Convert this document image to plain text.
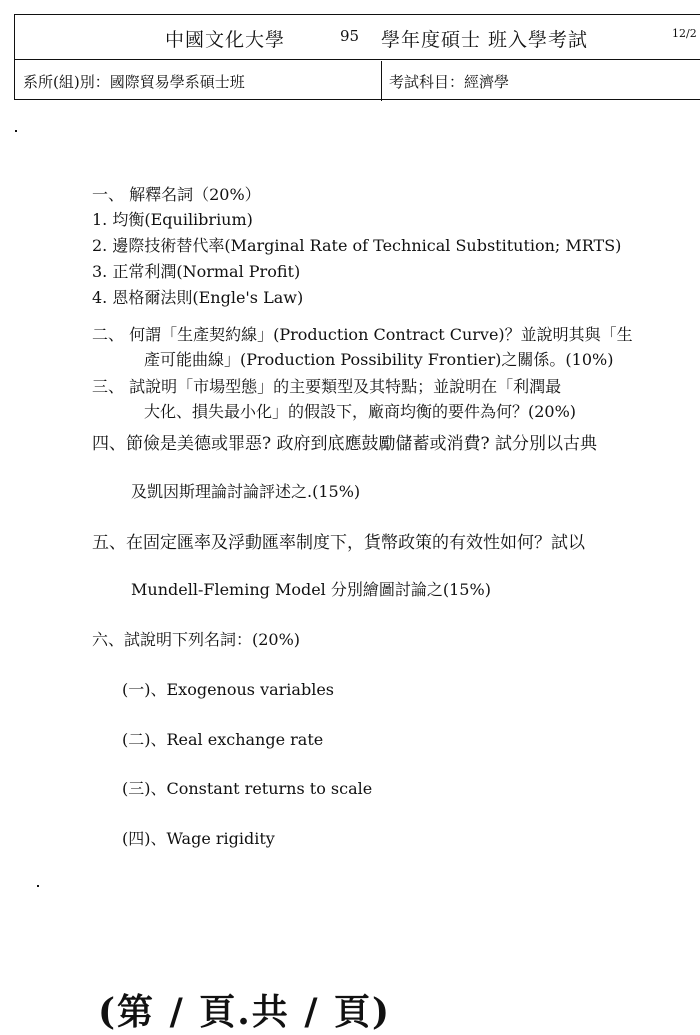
中國文化大學	95 學年度碩士 班入學考試	12/2
系所(組)別：國際貿易學系碩士班	考試科目：經濟學
一、 解釋名詞（20%）
1. 均衡(Equilibrium)
2. 邊際技術替代率(Marginal Rate of Technical Substitution; MRTS)
3. 正常利潤(Normal Profit)
4. 恩格爾法則(Engle's Law)
二、 何謂「生產契約線」(Production Contract Curve)？並說明其與「生
產可能曲線」(Production Possibility Frontier)之關係。(10%)
三、 試說明「市場型態」的主要類型及其特點；並說明在「利潤最
大化、損失最小化」的假設下，廠商均衡的要件為何？(20%)
四、節儉是美德或罪惡? 政府到底應鼓勵儲蓄或消費? 試分別以古典
及凱因斯理論討論評述之.(15%)
五、在固定匯率及浮動匯率制度下，貨幣政策的有效性如何？試以
Mundell-Fleming Model 分別繪圖討論之(15%)
六、試說明下列名詞：(20%)
(一)、Exogenous variables
(二)、Real exchange rate
(三)、Constant returns to scale
(四)、Wage rigidity
(第 / 頁.共 / 頁)
